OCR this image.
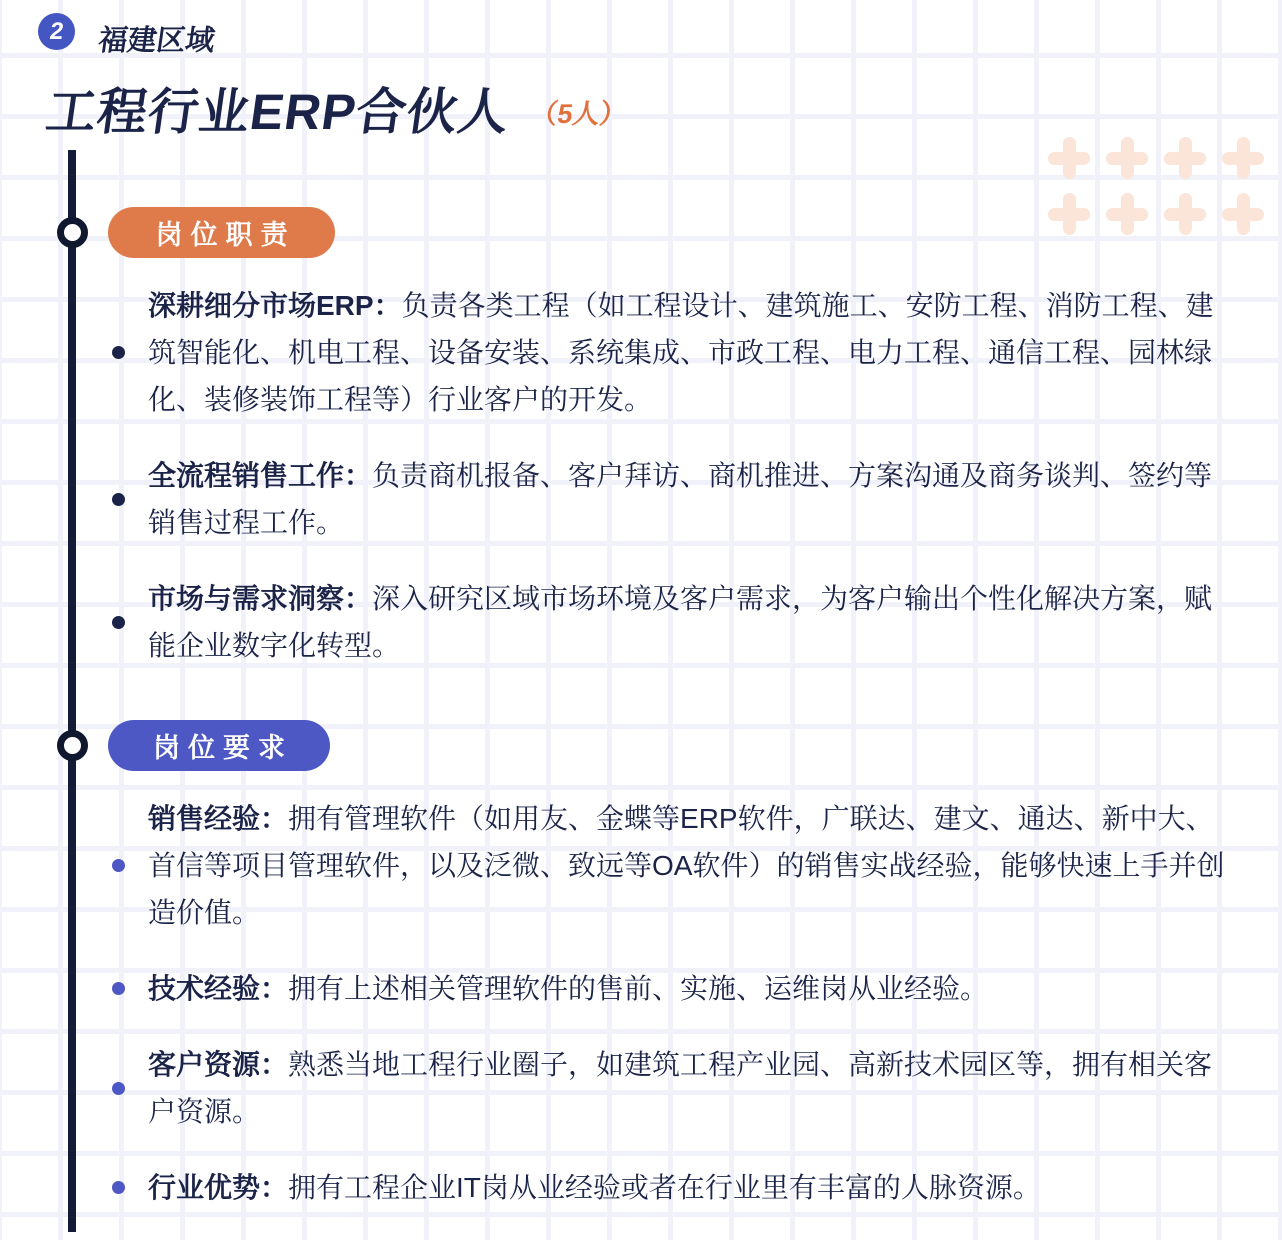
2 福建区域
工程行业ERP合伙人 （5人）
岗位职责

深耕细分市场ERP：负责各类工程（如工程设计、建筑施工、安防工程、消防工程、建筑智能化、机电工程、设备安装、系统集成、市政工程、电力工程、通信工程、园林绿化、装修装饰工程等）行业客户的开发。

全流程销售工作：负责商机报备、客户拜访、商机推进、方案沟通及商务谈判、签约等销售过程工作。

市场与需求洞察：深入研究区域市场环境及客户需求，为客户输出个性化解决方案，赋能企业数字化转型。

岗位要求

销售经验：拥有管理软件（如用友、金蝶等ERP软件，广联达、建文、通达、新中大、首信等项目管理软件，以及泛微、致远等OA软件）的销售实战经验，能够快速上手并创造价值。

技术经验：拥有上述相关管理软件的售前、实施、运维岗从业经验。

客户资源：熟悉当地工程行业圈子，如建筑工程产业园、高新技术园区等，拥有相关客户资源。

行业优势：拥有工程企业IT岗从业经验或者在行业里有丰富的人脉资源。
